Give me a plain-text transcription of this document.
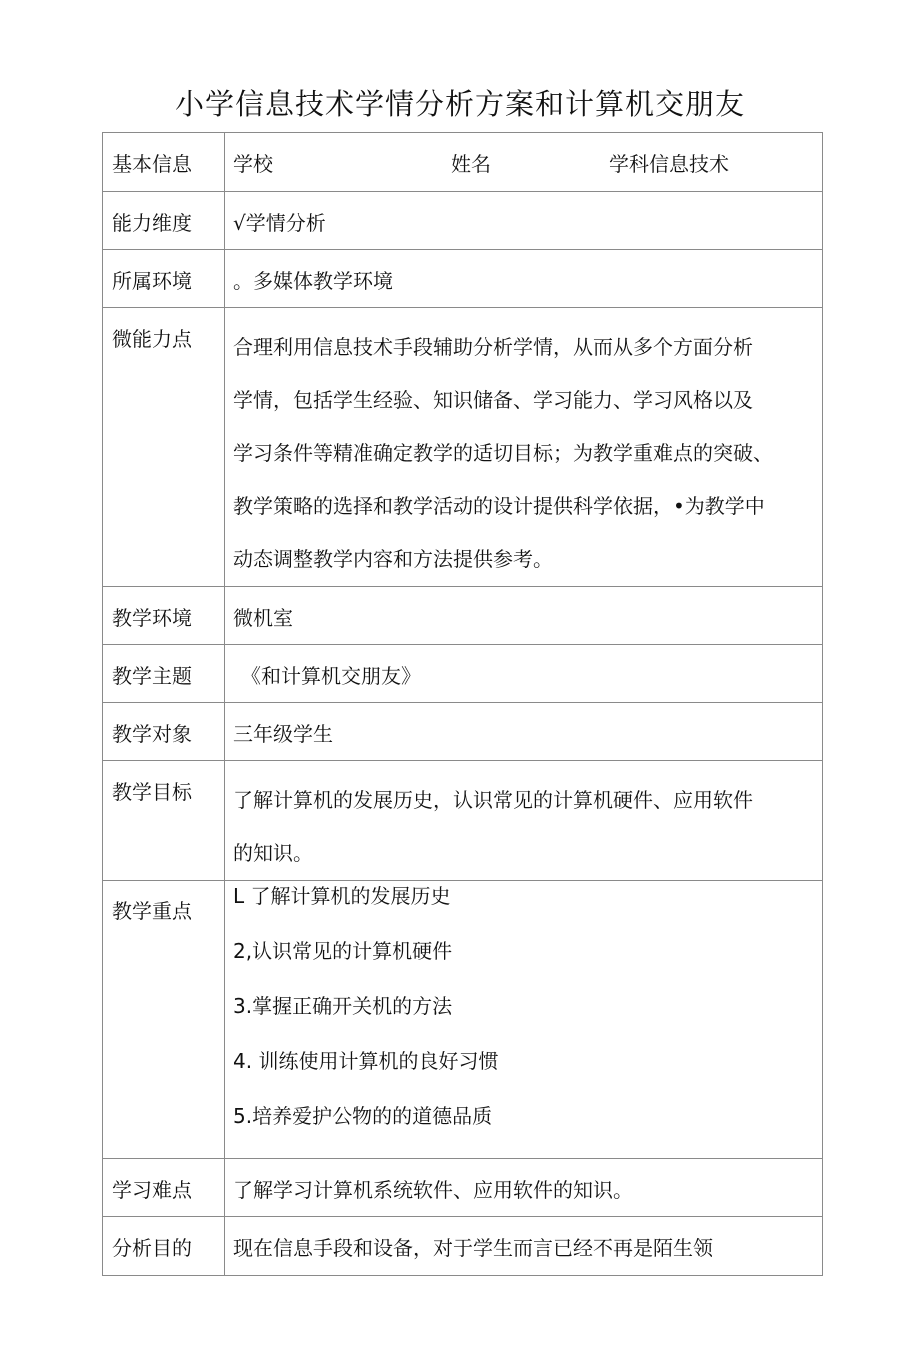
小学信息技术学情分析方案和计算机交朋友
基本信息	学校 姓名 学科信息技术

能力维度	√学情分析

所属环境	。多媒体教学环境

微能力点	合理利用信息技术手段辅助分析学情，从而从多个方面分析
学情，包括学生经验、知识储备、学习能力、学习风格以及
学习条件等精准确定教学的适切目标；为教学重难点的突破、
教学策略的选择和教学活动的设计提供科学依据，•为教学中
动态调整教学内容和方法提供参考。

教学环境	微机室

教学主题	《和计算机交朋友》

教学对象	三年级学生

教学目标	了解计算机的发展历史，认识常见的计算机硬件、应用软件
的知识。

教学重点	L 了解计算机的发展历史
2,认识常见的计算机硬件
3.掌握正确开关机的方法
4. 训练使用计算机的良好习惯
5.培养爱护公物的的道德品质

学习难点	了解学习计算机系统软件、应用软件的知识。

分析目的	现在信息手段和设备，对于学生而言已经不再是陌生领
